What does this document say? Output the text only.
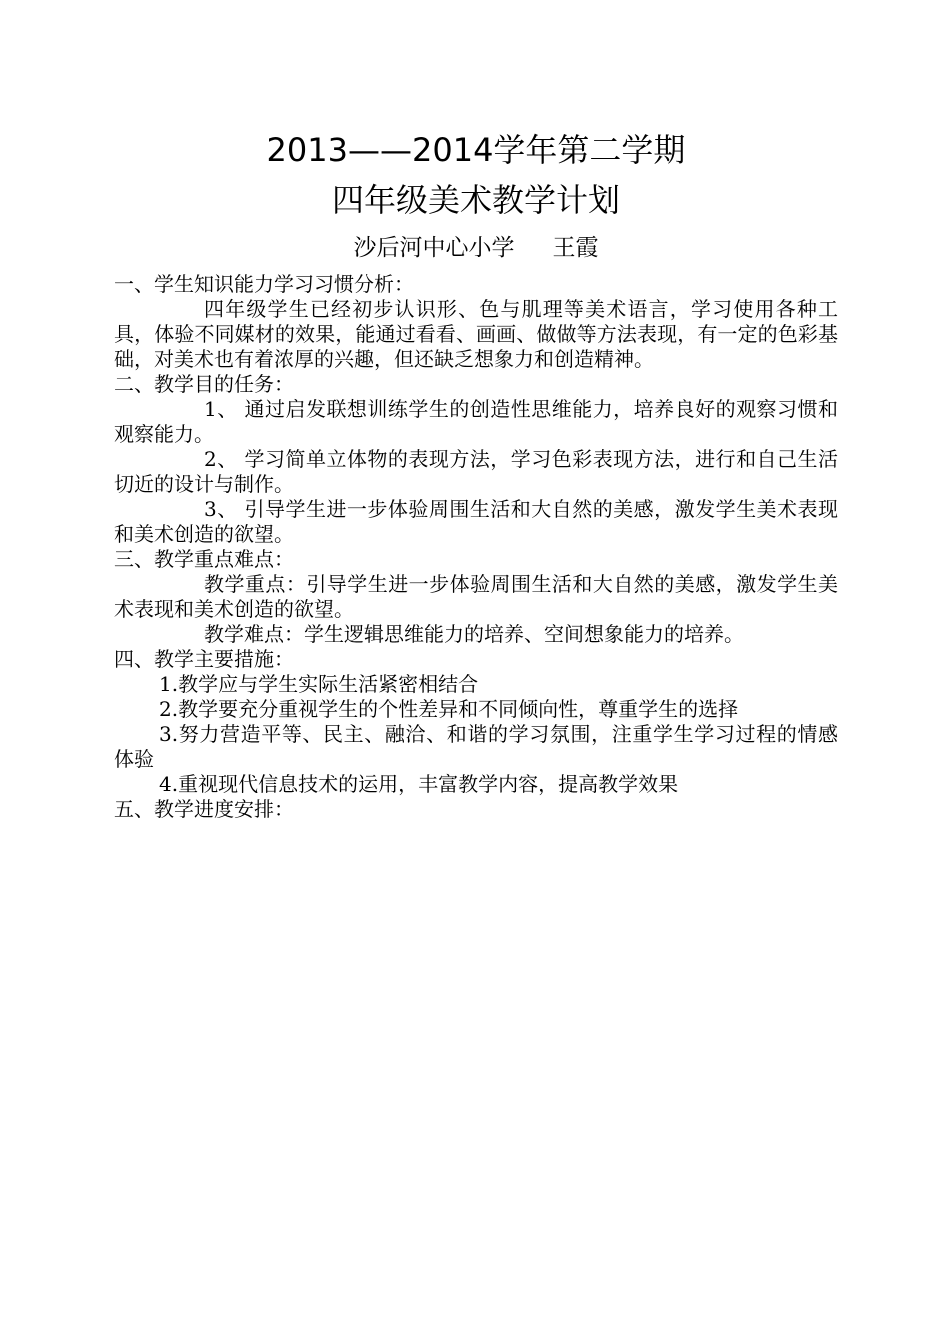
2013——2014学年第二学期
四年级美术教学计划
沙后河中心小学 王霞

一、学生知识能力学习习惯分析：

四年级学生已经初步认识形、色与肌理等美术语言，学习使用各种工具，体验不同媒材的效果，能通过看看、画画、做做等方法表现，有一定的色彩基础，对美术也有着浓厚的兴趣，但还缺乏想象力和创造精神。

二、教学目的任务：

1、 通过启发联想训练学生的创造性思维能力，培养良好的观察习惯和观察能力。

2、 学习简单立体物的表现方法，学习色彩表现方法，进行和自己生活切近的设计与制作。

3、 引导学生进一步体验周围生活和大自然的美感，激发学生美术表现和美术创造的欲望。

三、教学重点难点：

教学重点：引导学生进一步体验周围生活和大自然的美感，激发学生美术表现和美术创造的欲望。

教学难点：学生逻辑思维能力的培养、空间想象能力的培养。

四、教学主要措施：

1.教学应与学生实际生活紧密相结合

2.教学要充分重视学生的个性差异和不同倾向性，尊重学生的选择

3.努力营造平等、民主、融洽、和谐的学习氛围，注重学生学习过程的情感体验

4.重视现代信息技术的运用，丰富教学内容，提高教学效果

五、教学进度安排：
